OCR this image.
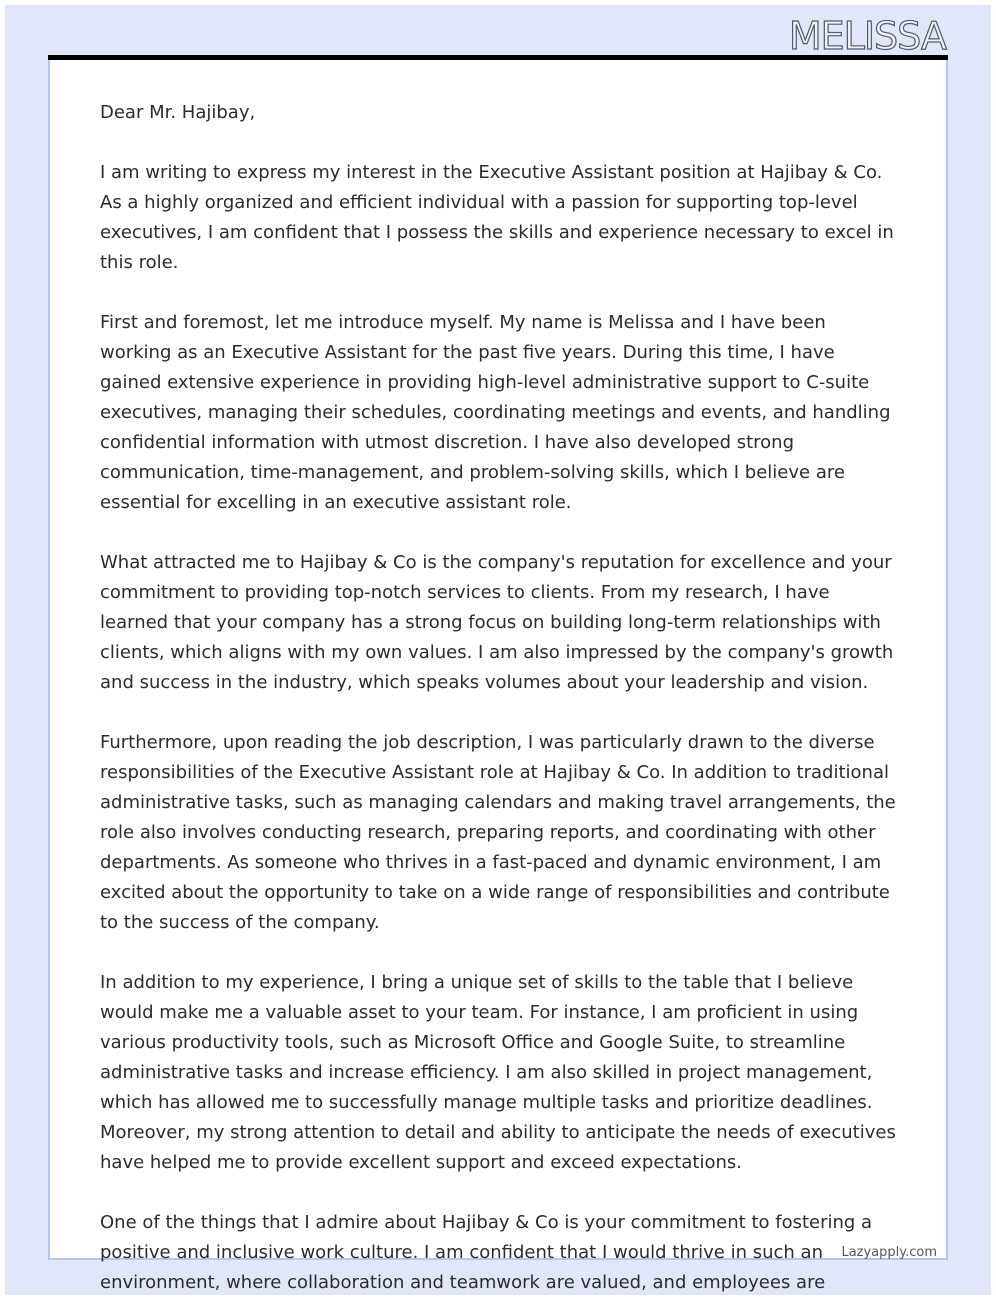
MELISSA

Dear Mr. Hajibay,

I am writing to express my interest in the Executive Assistant position at Hajibay & Co. As a highly organized and efficient individual with a passion for supporting top-level executives, I am confident that I possess the skills and experience necessary to excel in this role.

First and foremost, let me introduce myself. My name is Melissa and I have been working as an Executive Assistant for the past five years. During this time, I have gained extensive experience in providing high-level administrative support to C-suite executives, managing their schedules, coordinating meetings and events, and handling confidential information with utmost discretion. I have also developed strong communication, time-management, and problem-solving skills, which I believe are essential for excelling in an executive assistant role.

What attracted me to Hajibay & Co is the company's reputation for excellence and your commitment to providing top-notch services to clients. From my research, I have learned that your company has a strong focus on building long-term relationships with clients, which aligns with my own values. I am also impressed by the company's growth and success in the industry, which speaks volumes about your leadership and vision.

Furthermore, upon reading the job description, I was particularly drawn to the diverse responsibilities of the Executive Assistant role at Hajibay & Co. In addition to traditional administrative tasks, such as managing calendars and making travel arrangements, the role also involves conducting research, preparing reports, and coordinating with other departments. As someone who thrives in a fast-paced and dynamic environment, I am excited about the opportunity to take on a wide range of responsibilities and contribute to the success of the company.

In addition to my experience, I bring a unique set of skills to the table that I believe would make me a valuable asset to your team. For instance, I am proficient in using various productivity tools, such as Microsoft Office and Google Suite, to streamline administrative tasks and increase efficiency. I am also skilled in project management, which has allowed me to successfully manage multiple tasks and prioritize deadlines. Moreover, my strong attention to detail and ability to anticipate the needs of executives have helped me to provide excellent support and exceed expectations.

One of the things that I admire about Hajibay & Co is your commitment to fostering a positive and inclusive work culture. I am confident that I would thrive in such an environment, where collaboration and teamwork are valued, and employees are

Lazyapply.com
